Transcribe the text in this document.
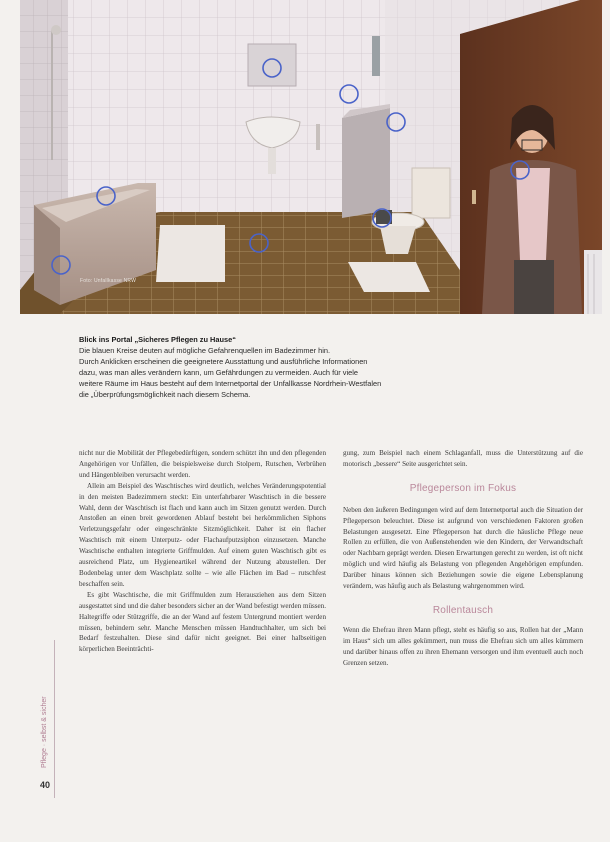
Foto: Unfallkasse NRW
Blick ins Portal „Sicheres Pflegen zu Hause“
Die blauen Kreise deuten auf mögliche Gefahrenquellen im Badezimmer hin.
Durch Anklicken erscheinen die geeignetere Ausstattung und ausführliche Informationen
dazu, was man alles verändern kann, um Gefährdungen zu vermeiden. Auch für viele
weitere Räume im Haus besteht auf dem Internetportal der Unfallkasse Nordrhein-Westfalen
die „Überprüfungsmöglichkeit nach diesem Schema.
Pflege · selbst & sicher
40

nicht nur die Mobilität der Pflegebedürftigen, sondern schützt ihn und den pflegenden Angehörigen vor Unfällen, die beispielsweise durch Stolpern, Rutschen, Verbrühen und Hängenbleiben verursacht werden.

Allein am Beispiel des Waschtisches wird deutlich, welches Veränderungspotential in den meisten Badezimmern steckt: Ein unterfahrbarer Waschtisch in die bessere Wahl, denn der Waschtisch ist flach und kann auch im Sitzen genutzt werden. Durch Anstoßen an einen breit gewordenen Ablauf besteht bei herkömmlichen Siphons Verletzungsgefahr oder eingeschränkte Sitzmöglichkeit. Daher ist ein flacher Waschtisch mit einem Unterputz- oder Flachaufputzsiphon einzusetzen. Manche Waschtische enthalten integrierte Griffmulden. Auf einem guten Waschtisch gibt es ausreichend Platz, um Hygieneartikel während der Nutzung abzustellen. Der Bodenbelag unter dem Waschplatz sollte – wie alle Flächen im Bad – rutschfest beschaffen sein.

Es gibt Waschtische, die mit Griffmulden zum Herausziehen aus dem Sitzen ausgestattet sind und die daher besonders sicher an der Wand befestigt werden müssen. Haltegriffe oder Stützgriffe, die an der Wand auf festem Untergrund montiert werden müssen, behindern sehr. Manche Menschen müssen Handtuchhalter, um sich bei Bedarf festzuhalten. Diese sind dafür nicht geeignet. Bei einer halbseitigen körperlichen Beeinträchti-

gung, zum Beispiel nach einem Schlaganfall, muss die Unterstützung auf die motorisch „bessere“ Seite ausgerichtet sein.

Pflegeperson im Fokus

Neben den äußeren Bedingungen wird auf dem Internetportal auch die Situation der Pflegeperson beleuchtet. Diese ist aufgrund von verschiedenen Faktoren großen Belastungen ausgesetzt. Eine Pflegeperson hat durch die häusliche Pflege neue Rollen zu erfüllen, die von Außenstehenden wie den Kindern, der Verwandtschaft oder Nachbarn geprägt werden. Diesen Erwartungen gerecht zu werden, ist oft nicht möglich und wird häufig als Belastung von pflegenden Angehörigen empfunden. Darüber hinaus können sich Beziehungen sowie die eigene Lebensplanung verändern, was häufig auch als Belastung wahrgenommen wird.

Rollentausch

Wenn die Ehefrau ihren Mann pflegt, steht es häufig so aus, Rollen hat der „Mann im Haus“ sich um alles gekümmert, nun muss die Ehefrau sich um alles kümmern und darüber hinaus offen zu ihren Ehemann versorgen und ihm eventuell auch noch Grenzen setzen.
